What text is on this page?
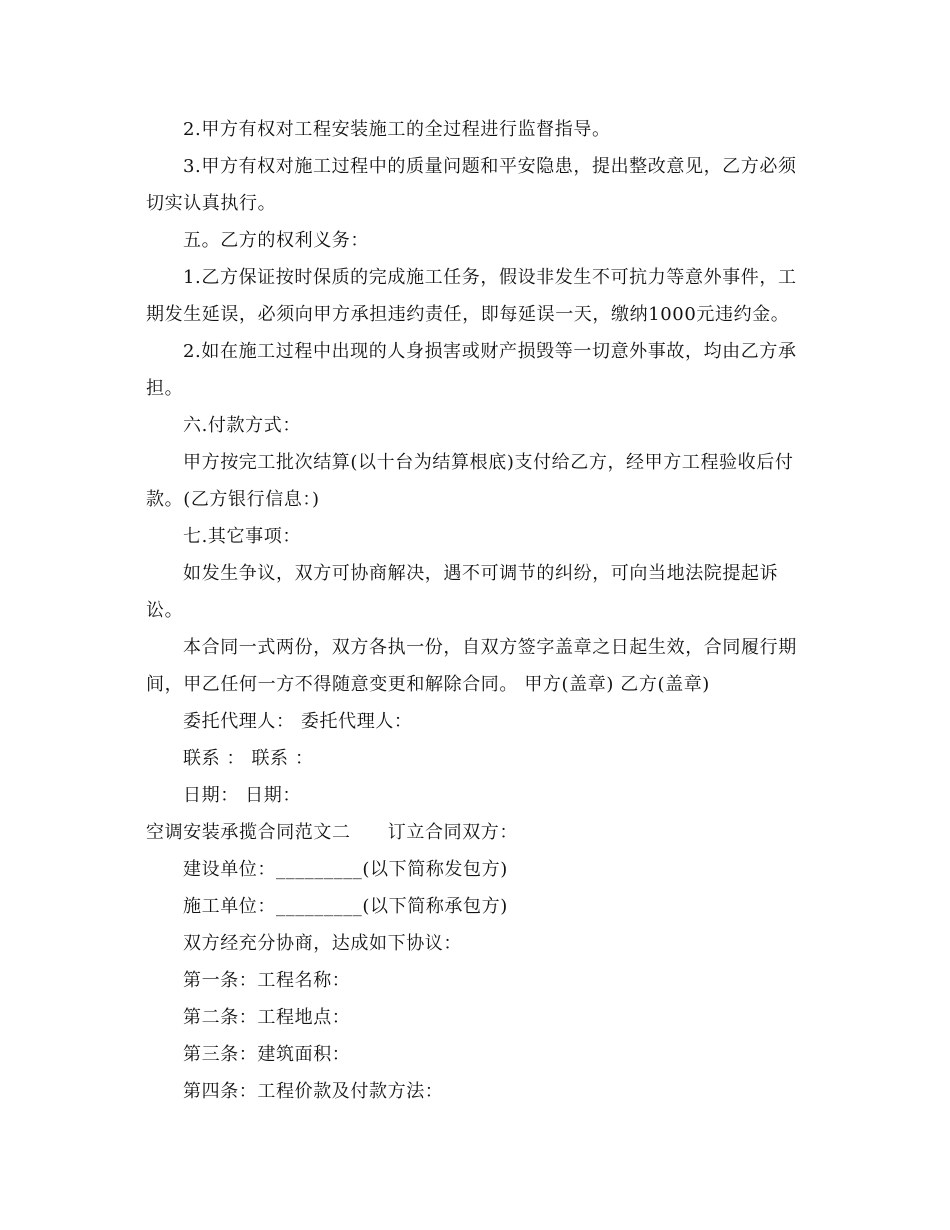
2.甲方有权对工程安装施工的全过程进行监督指导。
3.甲方有权对施工过程中的质量问题和平安隐患，提出整改意见，乙方必须
切实认真执行。
五。乙方的权利义务：
1.乙方保证按时保质的完成施工任务，假设非发生不可抗力等意外事件，工
期发生延误，必须向甲方承担违约责任，即每延误一天，缴纳1000元违约金。
2.如在施工过程中出现的人身损害或财产损毁等一切意外事故，均由乙方承
担。
六.付款方式：
甲方按完工批次结算(以十台为结算根底)支付给乙方，经甲方工程验收后付
款。(乙方银行信息：)
七.其它事项：
如发生争议，双方可协商解决，遇不可调节的纠纷，可向当地法院提起诉
讼。
本合同一式两份，双方各执一份，自双方签字盖章之日起生效，合同履行期
间，甲乙任何一方不得随意变更和解除合同。 甲方(盖章) 乙方(盖章)
委托代理人： 委托代理人：
联系 ： 联系 ：
日期： 日期：
空调安装承揽合同范文二　　订立合同双方：
建设单位：_________(以下简称发包方)
施工单位：_________(以下简称承包方)
双方经充分协商，达成如下协议：
第一条：工程名称：
第二条：工程地点：
第三条：建筑面积：
第四条：工程价款及付款方法：
